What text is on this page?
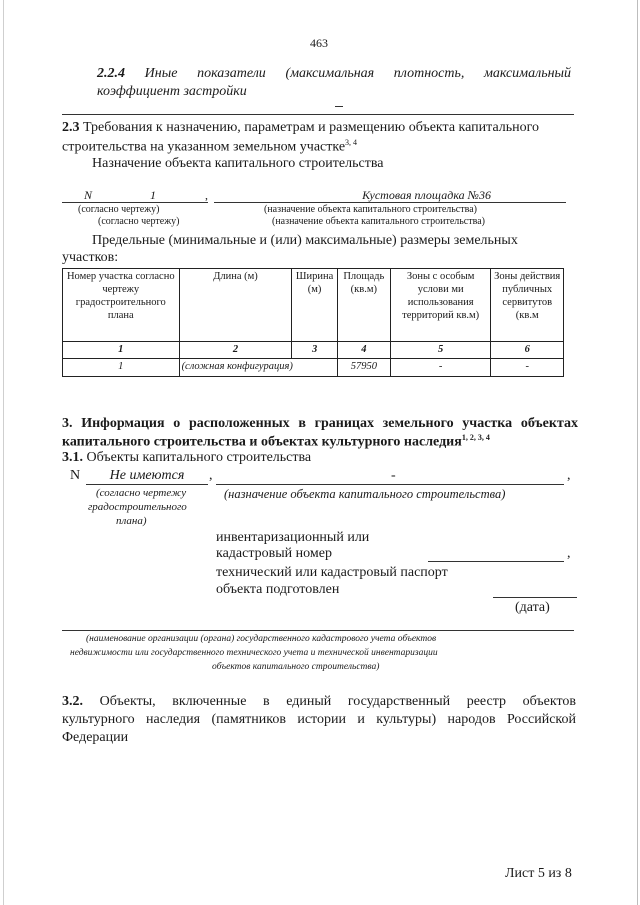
463
2.2.4 Иные показатели (максимальная плотность, максимальный
коэффициент застройки
2.3 Требования к назначению, параметрам и размещению объекта капитального
строительства на указанном земельном участке$^{3, 4}$
Назначение объекта капитального строительства
N	1	,	Кустовая площадка №36
(согласно чертежу)	(назначение объекта капитального строительства)
(согласно чертежу)	(назначение объекта капитального строительства)
Предельные (минимальные и (или) максимальные) размеры земельных
участков:
Номер участка согласно чертежу градостроительного плана	Длина (м)	Ширина (м)	Площадь (кв.м)	Зоны с особым услови ми использования территорий кв.м)	Зоны действия публичных сервитутов (кв.м
1	2	3	4	5	6
1	(сложная конфигурация)		57950	-	-
3. Информация о расположенных в границах земельного участка объектах
капитального строительства и объектах культурного наследия$^{1, 2, 3, 4}$
3.1. Объекты капитального строительства
N	Не имеются	,	-	,
(согласно чертежу
градостроительного
плана)
(назначение объекта капитального строительства)
инвентаризационный или
кадастровый номер	,
технический или кадастровый паспорт
объекта подготовлен
(дата)
(наименование организации (органа) государственного кадастрового учета объектов
недвижимости или государственного технического учета и технической инвентаризации
объектов капитального строительства)
3.2. Объекты, включенные в единый государственный реестр объектов
культурного наследия (памятников истории и культуры) народов Российской
Федерации
Лист 5 из 8
